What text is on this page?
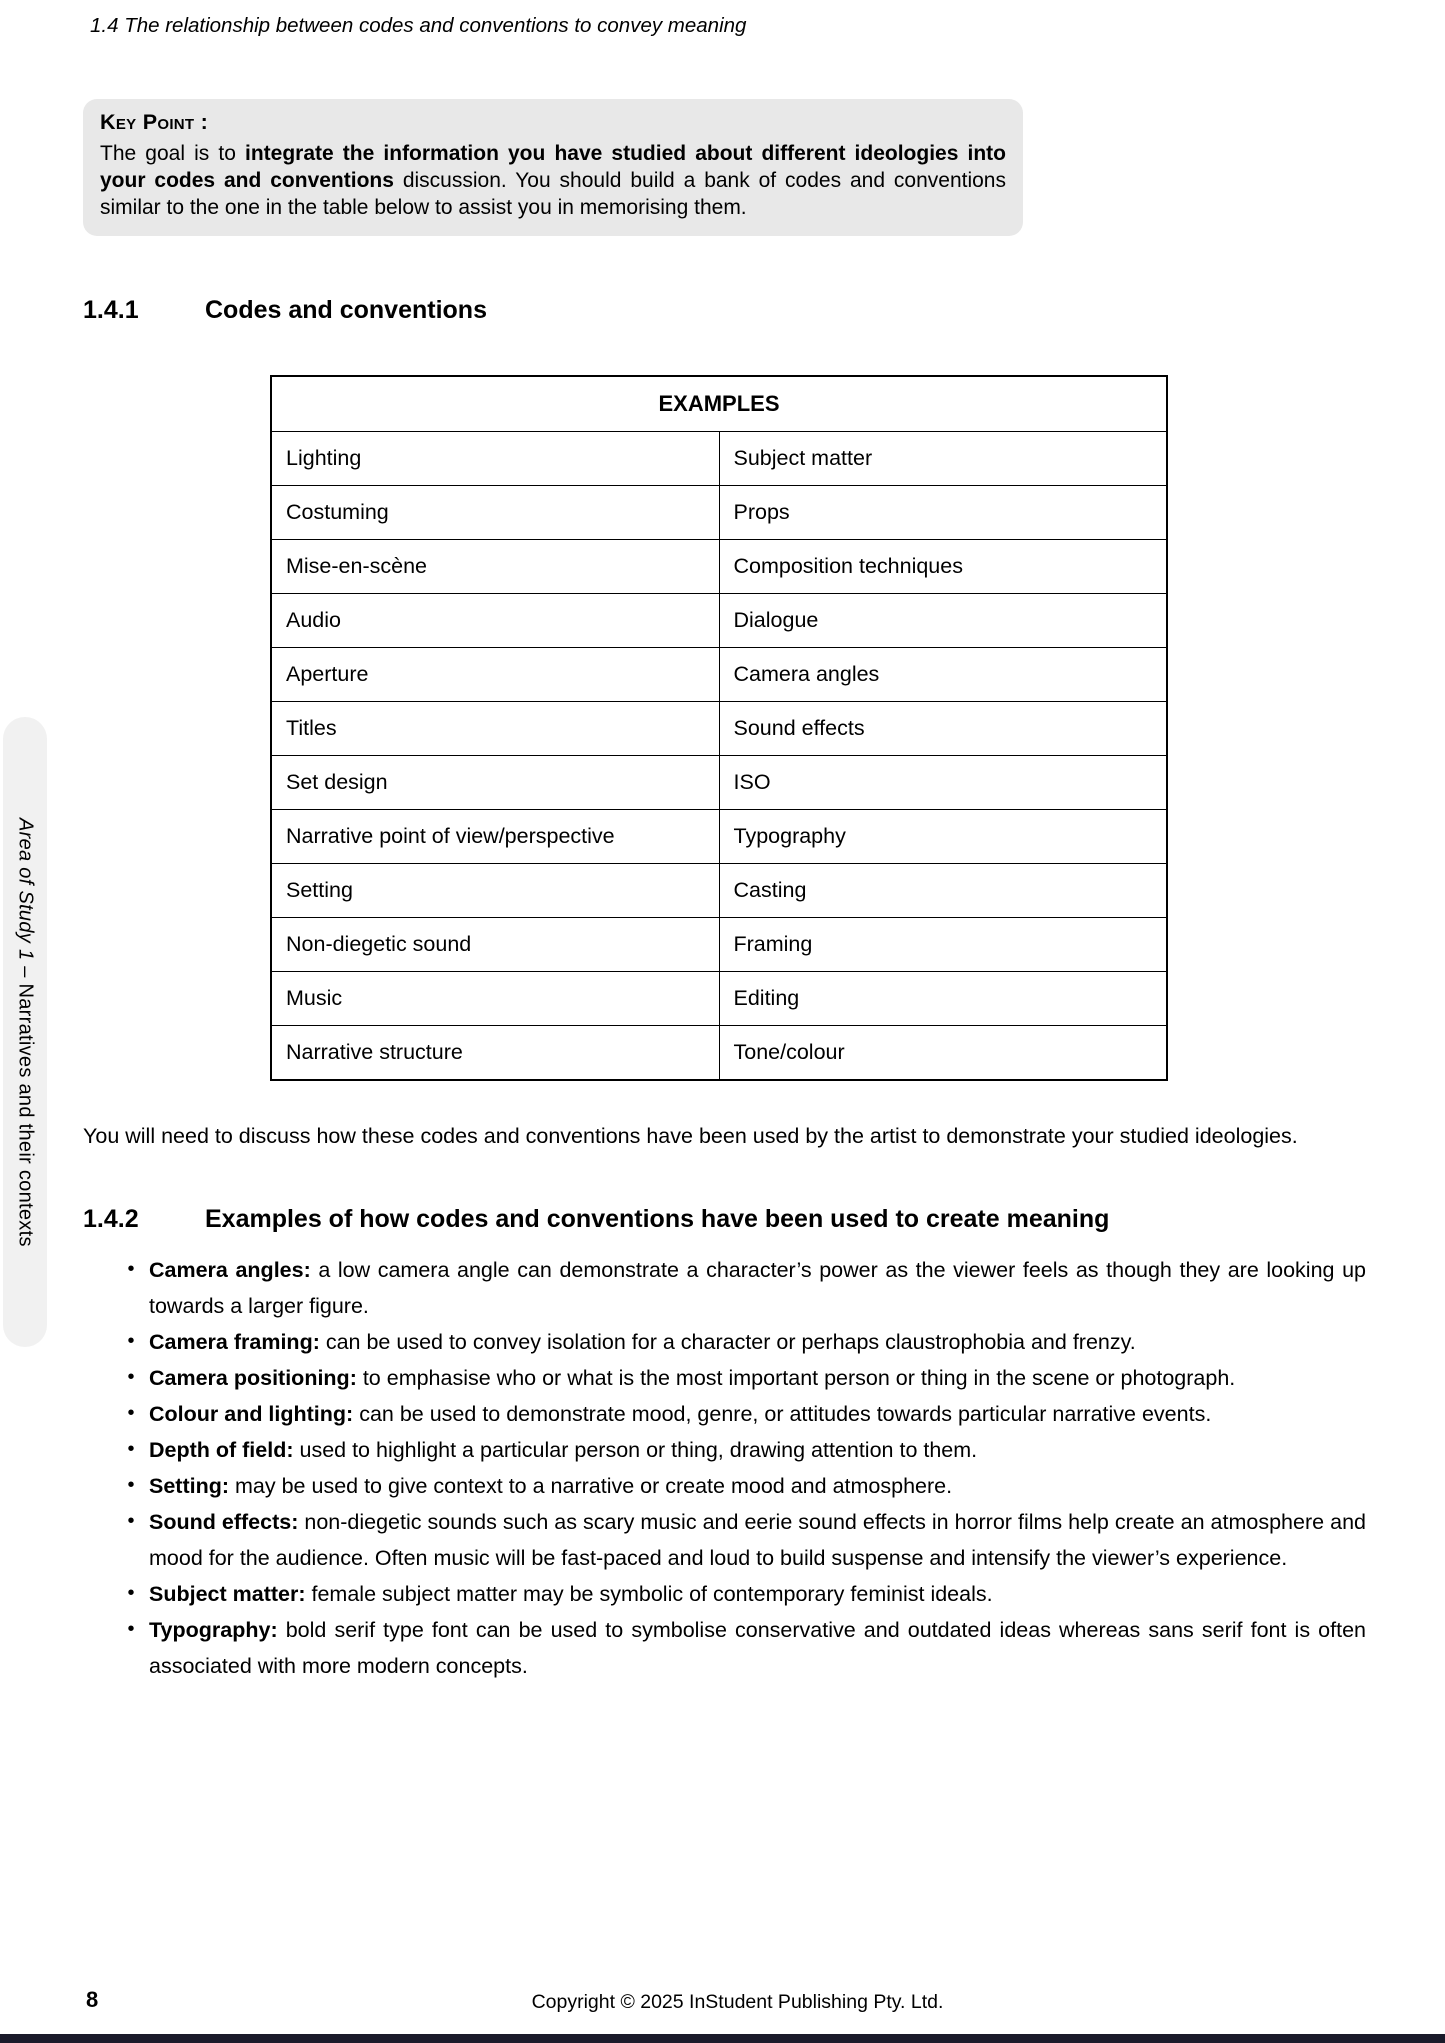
1.4 The relationship between codes and conventions to convey meaning
Key Point :

The goal is to integrate the information you have studied about different ideologies into your codes and conventions discussion. You should build a bank of codes and conventions similar to the one in the table below to assist you in memorising them.

1.4.1	Codes and conventions
EXAMPLES	
Lighting	Subject matter
Costuming	Props
Mise-en-scène	Composition techniques
Audio	Dialogue
Aperture	Camera angles
Titles	Sound effects
Set design	ISO
Narrative point of view/perspective	Typography
Setting	Casting
Non-diegetic sound	Framing
Music	Editing
Narrative structure	Tone/colour

You will need to discuss how these codes and conventions have been used by the artist to demonstrate your studied ideologies.

1.4.2	Examples of how codes and conventions have been used to create meaning
• Camera angles: a low camera angle can demonstrate a character’s power as the viewer feels as though they are looking up towards a larger figure.
• Camera framing: can be used to convey isolation for a character or perhaps claustrophobia and frenzy.
• Camera positioning: to emphasise who or what is the most important person or thing in the scene or photograph.
• Colour and lighting: can be used to demonstrate mood, genre, or attitudes towards particular narrative events.
• Depth of field: used to highlight a particular person or thing, drawing attention to them.
• Setting: may be used to give context to a narrative or create mood and atmosphere.
• Sound effects: non-diegetic sounds such as scary music and eerie sound effects in horror films help create an atmosphere and mood for the audience. Often music will be fast-paced and loud to build suspense and intensify the viewer’s experience.
• Subject matter: female subject matter may be symbolic of contemporary feminist ideals.
• Typography: bold serif type font can be used to symbolise conservative and outdated ideas whereas sans serif font is often associated with more modern concepts.
Area of Study 1 – Narratives and their contexts
8	Copyright © 2025 InStudent Publishing Pty. Ltd.
